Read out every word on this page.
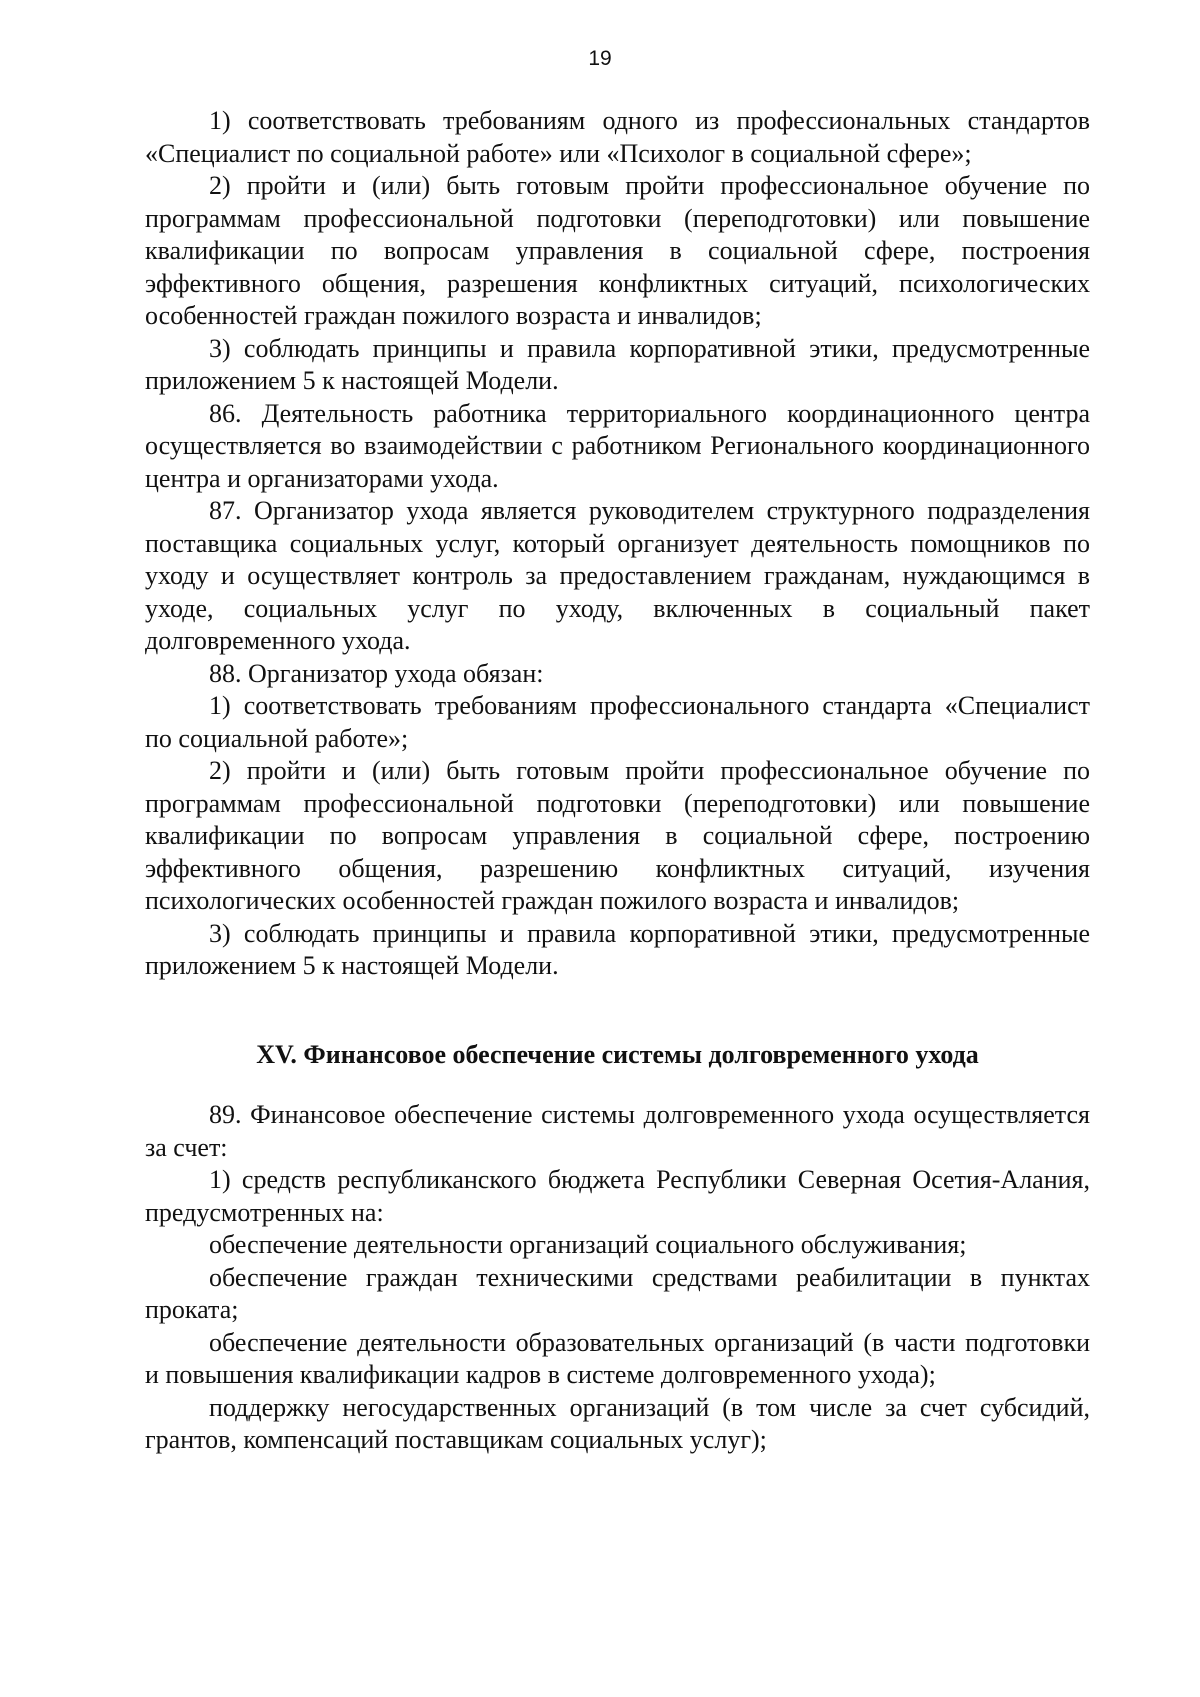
19

1) соответствовать требованиям одного из профессиональных стандартов «Специалист по социальной работе» или «Психолог в социальной сфере»;

2) пройти и (или) быть готовым пройти профессиональное обучение по программам профессиональной подготовки (переподготовки) или повышение квалификации по вопросам управления в социальной сфере, построения эффективного общения, разрешения конфликтных ситуаций, психологических особенностей граждан пожилого возраста и инвалидов;

3) соблюдать принципы и правила корпоративной этики, предусмотренные приложением 5 к настоящей Модели.

86. Деятельность работника территориального координационного центра осуществляется во взаимодействии с работником Регионального координационного центра и организаторами ухода.

87. Организатор ухода является руководителем структурного подразделения поставщика социальных услуг, который организует деятельность помощников по уходу и осуществляет контроль за предоставлением гражданам, нуждающимся в уходе, социальных услуг по уходу, включенных в социальный пакет долговременного ухода.

88. Организатор ухода обязан:

1) соответствовать требованиям профессионального стандарта «Специалист по социальной работе»;

2) пройти и (или) быть готовым пройти профессиональное обучение по программам профессиональной подготовки (переподготовки) или повышение квалификации по вопросам управления в социальной сфере, построению эффективного общения, разрешению конфликтных ситуаций, изучения психологических особенностей граждан пожилого возраста и инвалидов;

3) соблюдать принципы и правила корпоративной этики, предусмотренные приложением 5 к настоящей Модели.

XV. Финансовое обеспечение системы долговременного ухода

89. Финансовое обеспечение системы долговременного ухода осуществляется за счет:

1) средств республиканского бюджета Республики Северная Осетия-Алания, предусмотренных на:

обеспечение деятельности организаций социального обслуживания;

обеспечение граждан техническими средствами реабилитации в пунктах проката;

обеспечение деятельности образовательных организаций (в части подготовки и повышения квалификации кадров в системе долговременного ухода);

поддержку негосударственных организаций (в том числе за счет субсидий, грантов, компенсаций поставщикам социальных услуг);
